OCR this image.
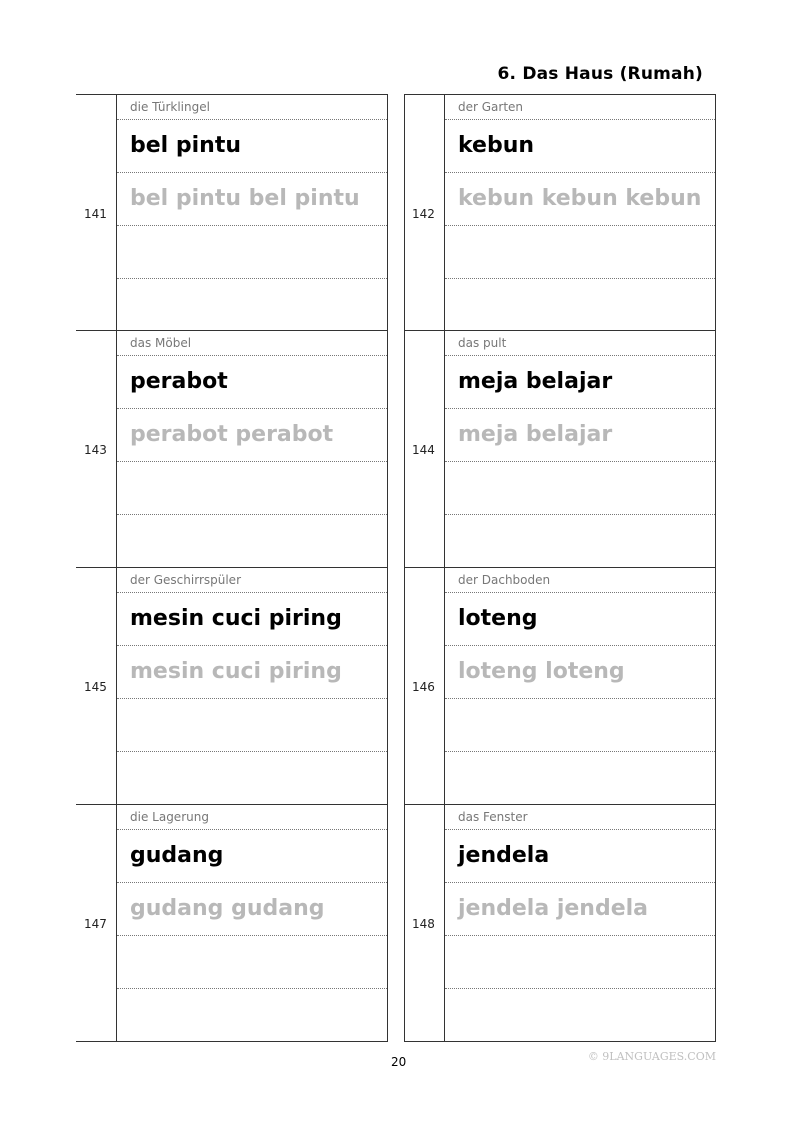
6. Das Haus (Rumah)
141
die Türklingel
bel pintu
bel pintu bel pintu
142
der Garten
kebun
kebun kebun kebun
143
das Möbel
perabot
perabot perabot
144
das pult
meja belajar
meja belajar
145
der Geschirrspüler
mesin cuci piring
mesin cuci piring
146
der Dachboden
loteng
loteng loteng
147
die Lagerung
gudang
gudang gudang
148
das Fenster
jendela
jendela jendela
20	© 9LANGUAGES.COM
